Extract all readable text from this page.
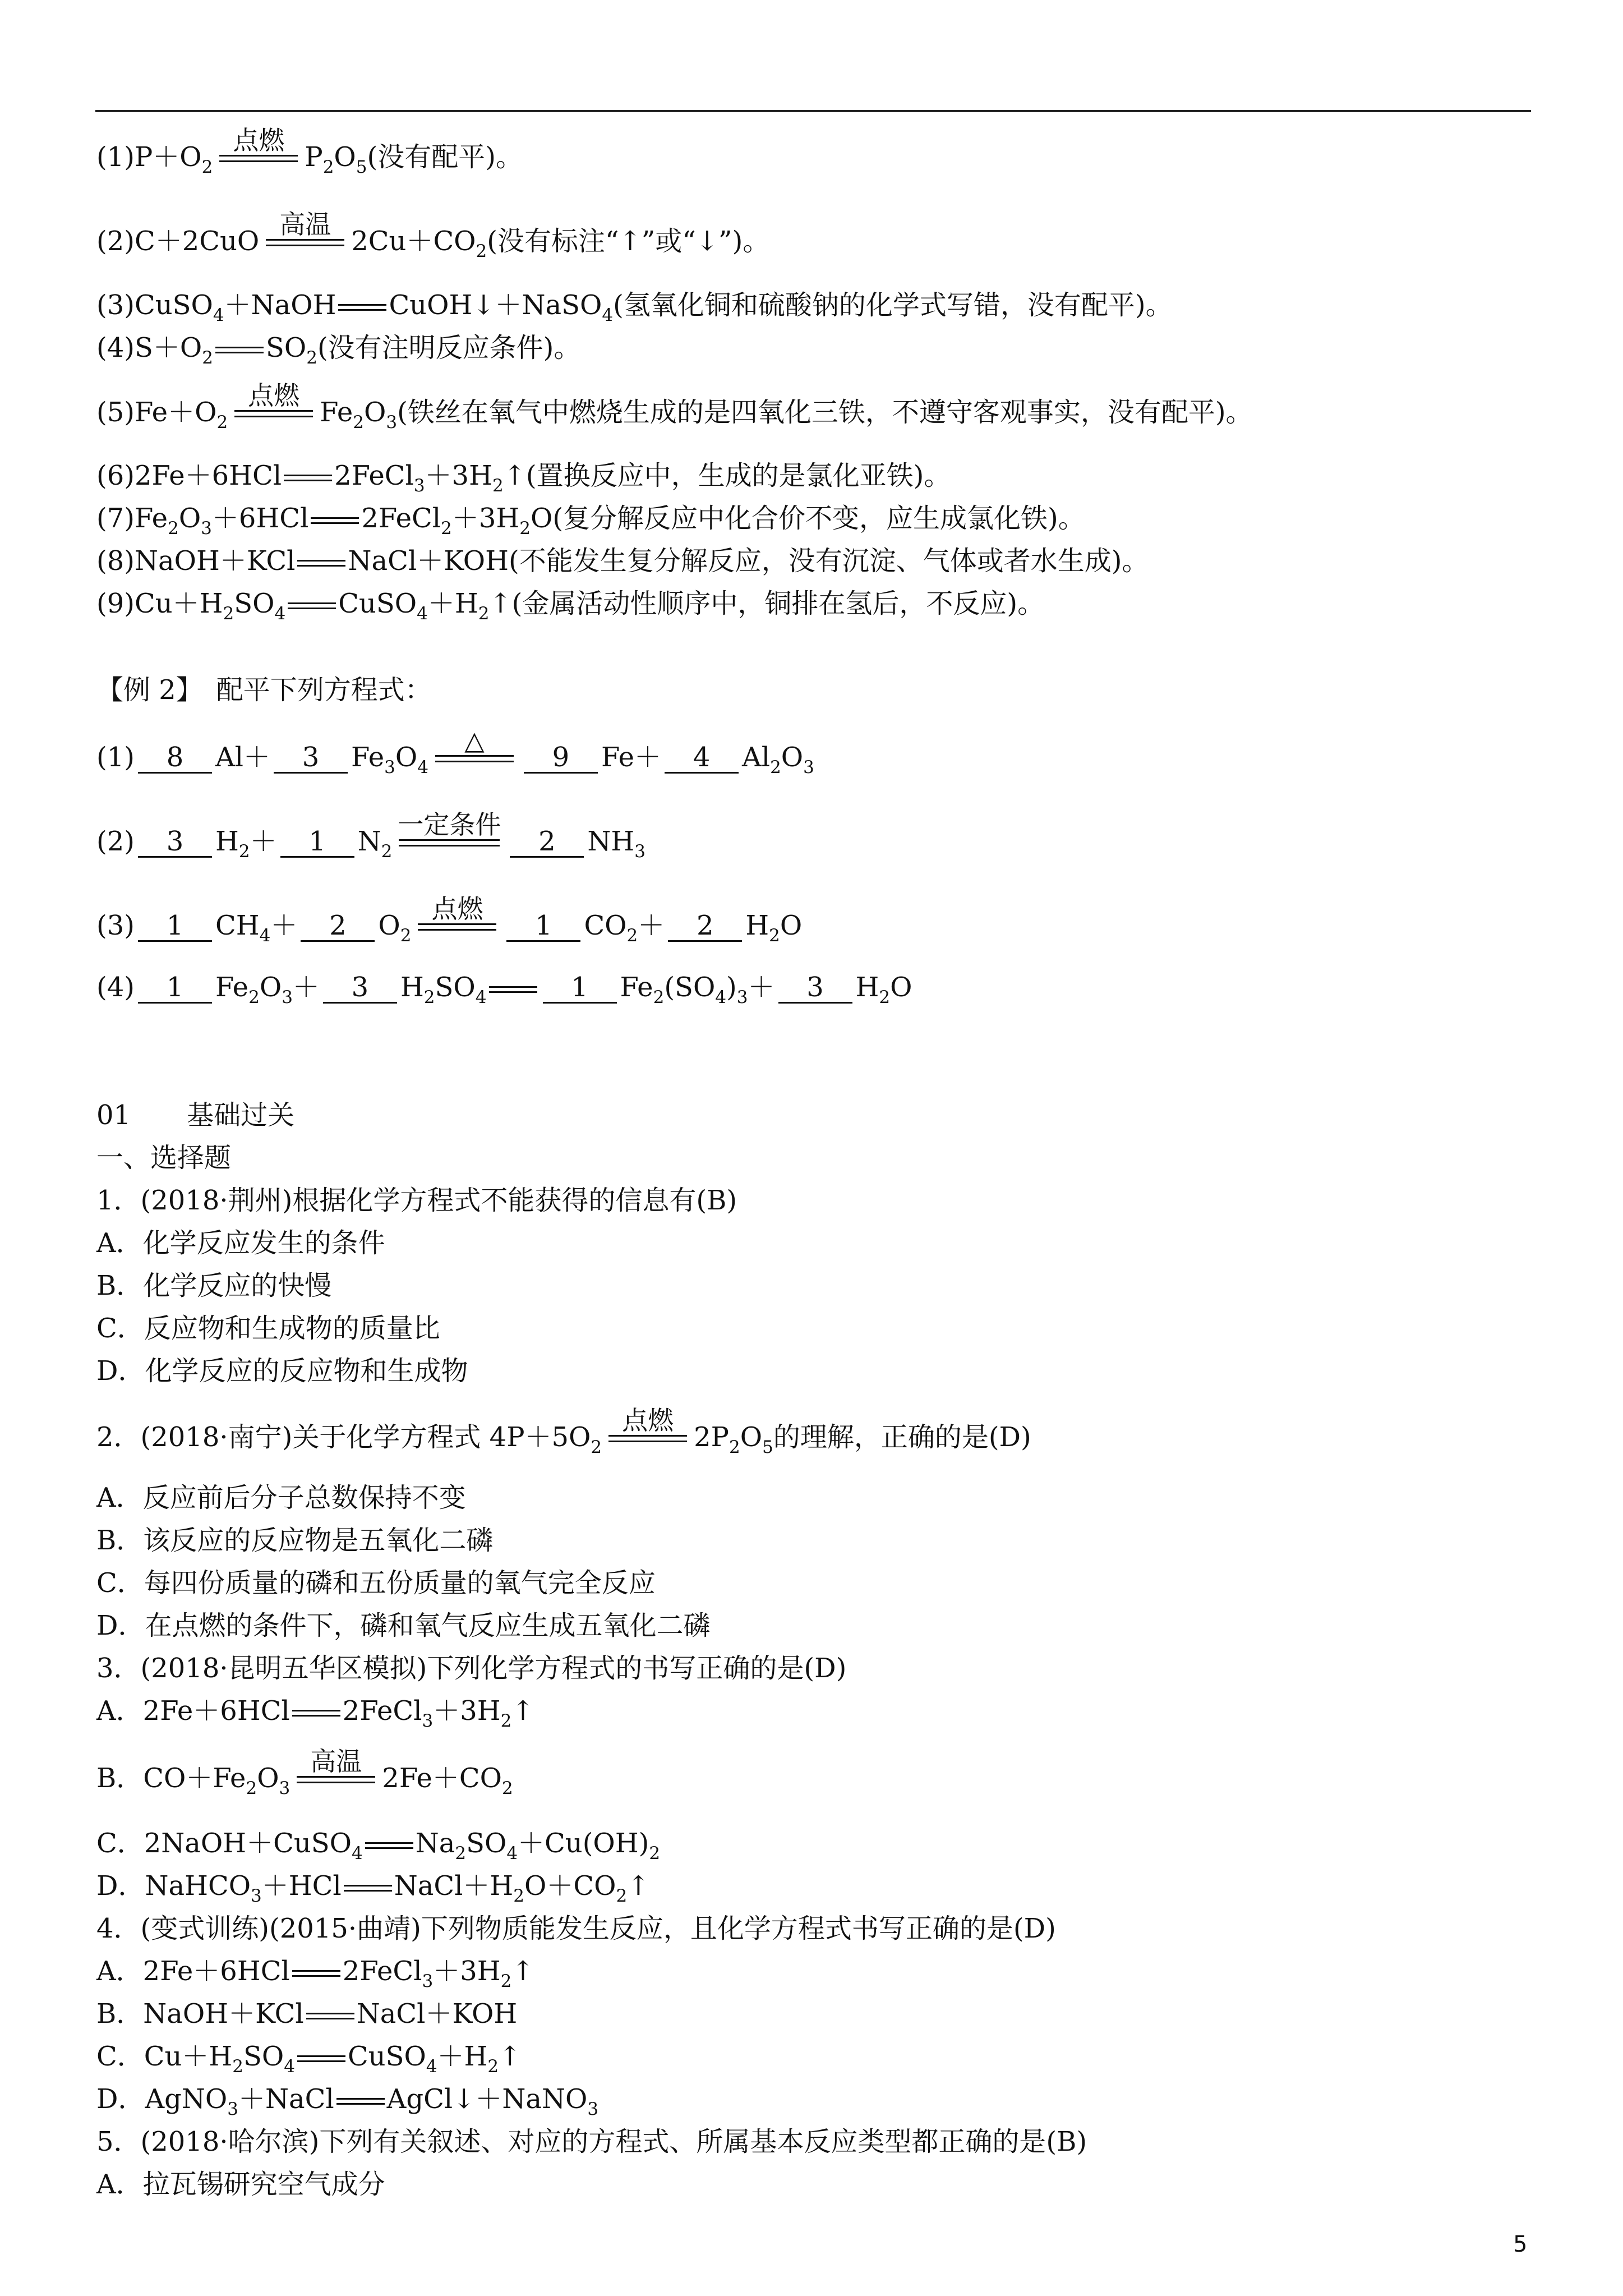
$(1)P+O_2$
点燃
$P_2O_5$(没有配平)。
(2)C＋2CuO
高温
$2Cu+CO_2$(没有标注“↑”或“↓”)。
(3)CuSO$_4$＋NaOH CuOH↓＋NaSO$_4$(氢氧化铜和硫酸钠的化学式写错，没有配平)。
$(4)S+O_2$ $SO_2$(没有注明反应条件)。
$(5)Fe+O_2$
点燃
$Fe_2O_3$(铁丝在氧气中燃烧生成的是四氧化三铁，不遵守客观事实，没有配平)。
(6)2Fe＋6HCl $2FeCl_3+3H_2↑$(置换反应中，生成的是氯化亚铁)。
$(7)Fe_2O_3+6HCl$ $2FeCl_2+3H_2O$(复分解反应中化合价不变，应生成氯化铁)。
(8)NaOH＋KCl NaCl＋KOH(不能发生复分解反应，没有沉淀、气体或者水生成)。
$(9)Cu+H_2SO_4$ $CuSO_4+H_2↑$(金属活动性顺序中，铜排在氢后，不反应)。
【例 2】　配平下列方程式：
(1) 8 Al＋ 3 $Fe_3O_4$
△
9 Fe＋ 4 $Al_2O_3$
(2) 3 $H_2+ 1$ $N_2$
一定条件
2 $NH_3$
(3) 1 $CH_4+ 2$ $O_2$
点燃
1 $CO_2+ 2$ $H_2O$
(4) 1 $Fe_2O_3+ 3$ $H_2SO_4$	1 $Fe_2(SO_4)_3+ 3$ $H_2O$
01 基础过关
一、选择题
1．(2018·荆州)根据化学方程式不能获得的信息有(B)
A．化学反应发生的条件
B．化学反应的快慢
C．反应物和生成物的质量比
D．化学反应的反应物和生成物
2．(2018·南宁)关于化学方程式 $4P+5O_2$
点燃
$2P_2O_5$的理解，正确的是(D)
A．反应前后分子总数保持不变
B．该反应的反应物是五氧化二磷
C．每四份质量的磷和五份质量的氧气完全反应
D．在点燃的条件下，磷和氧气反应生成五氧化二磷
3．(2018·昆明五华区模拟)下列化学方程式的书写正确的是(D)
A．2Fe＋6HCl $2FeCl_3+3H_2↑$
B．$CO+Fe_2O_3$
高温
$2Fe+CO_2$
C．2NaOH＋CuSO$_4$ $Na_2SO_4+Cu(OH)_2$
D．NaHCO$_3$＋HCl $NaCl+H_2O+CO_2↑$
4．(变式训练)(2015·曲靖)下列物质能发生反应，且化学方程式书写正确的是(D)
A．2Fe＋6HCl $2FeCl_3+3H_2↑$
B．NaOH＋KCl NaCl＋KOH
C．$Cu+H_2SO_4$ $CuSO_4+H_2↑$
D．AgNO$_3$＋NaCl AgCl↓＋NaNO$_3$
5．(2018·哈尔滨)下列有关叙述、对应的方程式、所属基本反应类型都正确的是(B)
A．拉瓦锡研究空气成分
5
